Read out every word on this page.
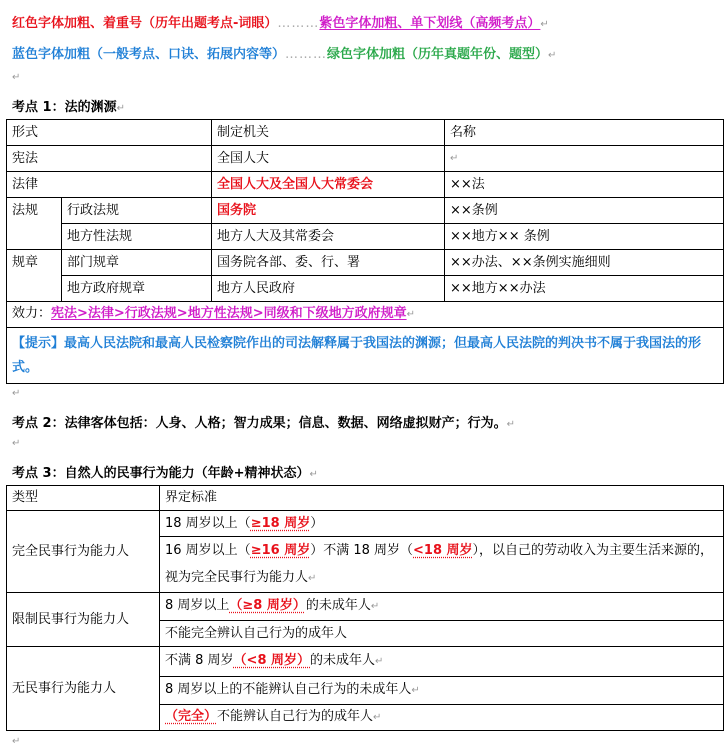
红色字体加粗、着重号（历年出题考点-词眼）………紫色字体加粗、单下划线（高频考点）↵
蓝色字体加粗（一般考点、口诀、拓展内容等）………绿色字体加粗（历年真题年份、题型）↵
↵
考点 1：法的渊源↵
形式		制定机关	名称
宪法		全国人大	↵
法律		全国人大及全国人大常委会	××法
法规	行政法规	国务院	××条例
	地方性法规	地方人大及其常委会	××地方×× 条例
规章	部门规章	国务院各部、委、行、署	××办法、××条例实施细则
	地方政府规章	地方人民政府	××地方××办法
效力：宪法>法律>行政法规>地方性法规>同级和下级地方政府规章↵			
【提示】最高人民法院和最高人民检察院作出的司法解释属于我国法的渊源；但最高人民法院的判决书不属于我国法的形式。			
↵
考点 2：法律客体包括：人身、人格；智力成果；信息、数据、网络虚拟财产；行为。↵
↵
考点 3：自然人的民事行为能力（年龄+精神状态）↵
类型	界定标准
完全民事行为能力人	18 周岁以上（≥18 周岁）
	16 周岁以上（≥16 周岁）不满 18 周岁（<18 周岁），以自己的劳动收入为主要生活来源的，视为完全民事行为能力人↵
限制民事行为能力人	8 周岁以上（≥8 周岁）的未成年人↵
	不能完全辨认自己行为的成年人
无民事行为能力人	不满 8 周岁（<8 周岁）的未成年人↵
	8 周岁以上的不能辨认自己行为的未成年人↵
	（完全）不能辨认自己行为的成年人↵
↵
